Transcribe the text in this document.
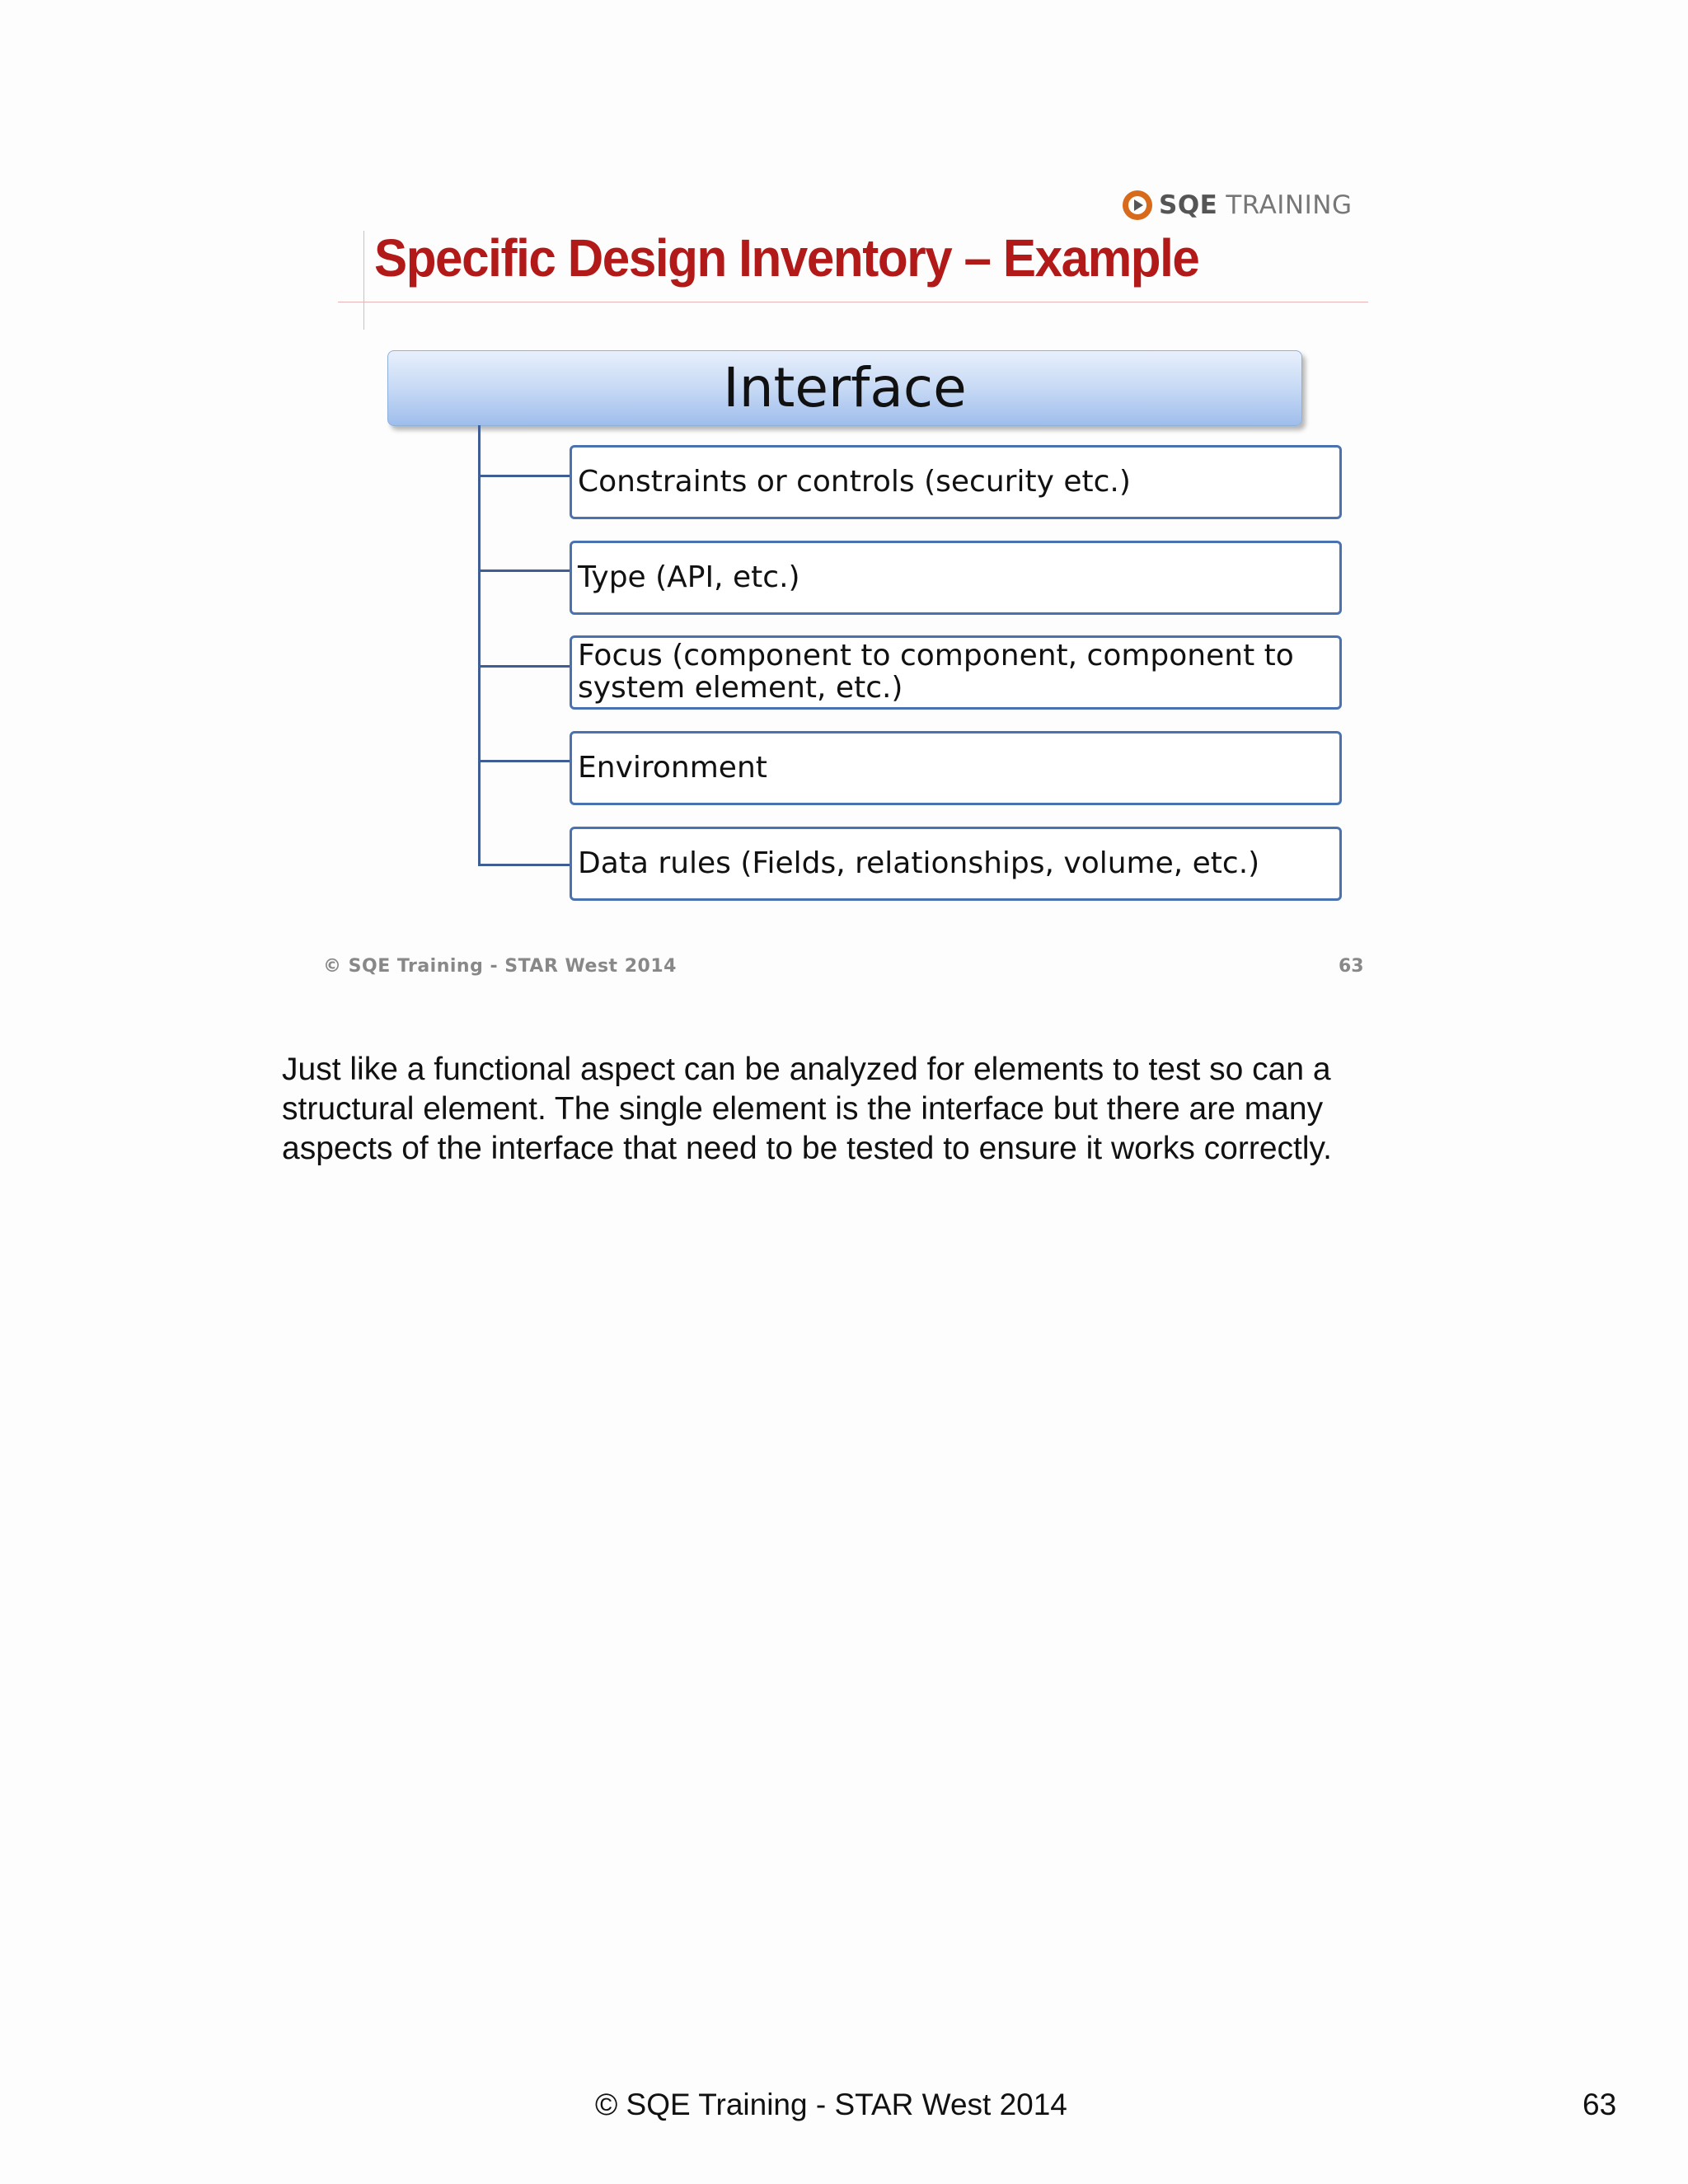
SQE TRAINING
Specific Design Inventory – Example
Interface
Constraints or controls (security etc.)
Type (API, etc.)
Focus (component to component, component to system element, etc.)
Environment
Data rules (Fields, relationships, volume, etc.)
© SQE Training - STAR West 2014	63
Just like a functional aspect can be analyzed for elements to test so can a
structural element. The single element is the interface but there are many
aspects of the interface that need to be tested to ensure it works correctly.
© SQE Training - STAR West 2014	63
